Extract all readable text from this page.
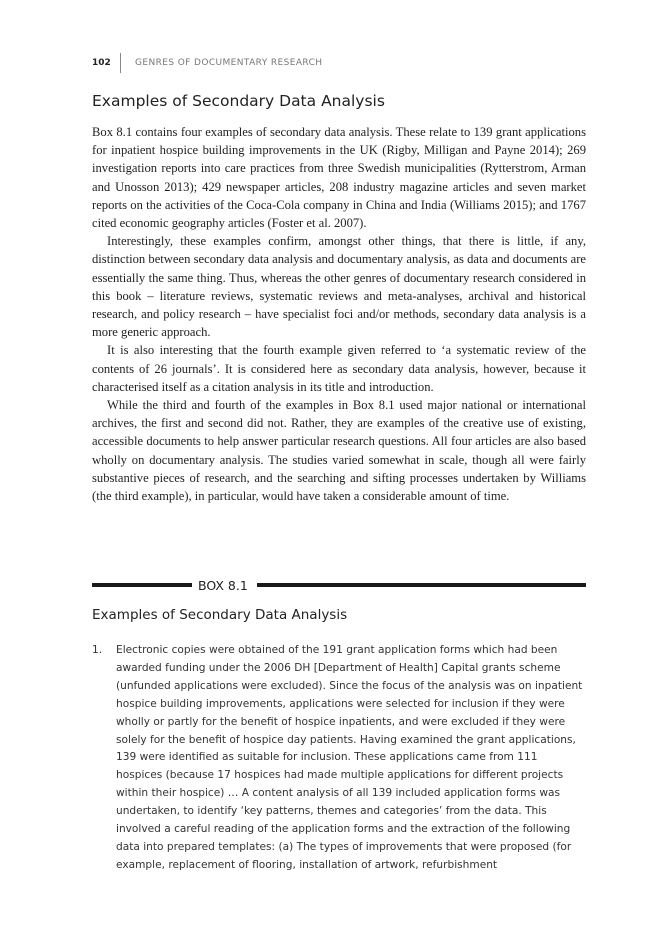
102	GENRES OF DOCUMENTARY RESEARCH
Examples of Secondary Data Analysis

Box 8.1 contains four examples of secondary data analysis. These relate to 139 grant applications for inpatient hospice building improvements in the UK (Rigby, Milligan and Payne 2014); 269 investigation reports into care practices from three Swedish municipalities (Rytterstrom, Arman and Unosson 2013); 429 newspaper articles, 208 industry magazine articles and seven market reports on the activities of the Coca-Cola company in China and India (Williams 2015); and 1767 cited economic geography articles (Foster et al. 2007).

Interestingly, these examples confirm, amongst other things, that there is little, if any, distinction between secondary data analysis and documentary analysis, as data and documents are essentially the same thing. Thus, whereas the other genres of documentary research considered in this book – literature reviews, systematic reviews and meta-analyses, archival and historical research, and policy research – have specialist foci and/or methods, secondary data analysis is a more generic approach.

It is also interesting that the fourth example given referred to ‘a systematic review of the contents of 26 journals’. It is considered here as secondary data analysis, however, because it characterised itself as a citation analysis in its title and introduction.

While the third and fourth of the examples in Box 8.1 used major national or international archives, the first and second did not. Rather, they are examples of the creative use of existing, accessible documents to help answer particular research questions. All four articles are also based wholly on documentary analysis. The studies varied somewhat in scale, though all were fairly substantive pieces of research, and the searching and sifting processes undertaken by Williams (the third example), in particular, would have taken a considerable amount of time.

BOX 8.1
Examples of Secondary Data Analysis
1.	Electronic copies were obtained of the 191 grant application forms which had been awarded funding under the 2006 DH [Department of Health] Capital grants scheme (unfunded applications were excluded). Since the focus of the analysis was on inpatient hospice building improvements, applications were selected for inclusion if they were wholly or partly for the benefit of hospice inpatients, and were excluded if they were solely for the benefit of hospice day patients. Having examined the grant applications, 139 were identified as suitable for inclusion. These applications came from 111 hospices (because 17 hospices had made multiple applications for different projects within their hospice) … A content analysis of all 139 included application forms was undertaken, to identify ‘key patterns, themes and categories’ from the data. This involved a careful reading of the application forms and the extraction of the following data into prepared templates: (a) The types of improvements that were proposed (for example, replacement of flooring, installation of artwork, refurbishment
